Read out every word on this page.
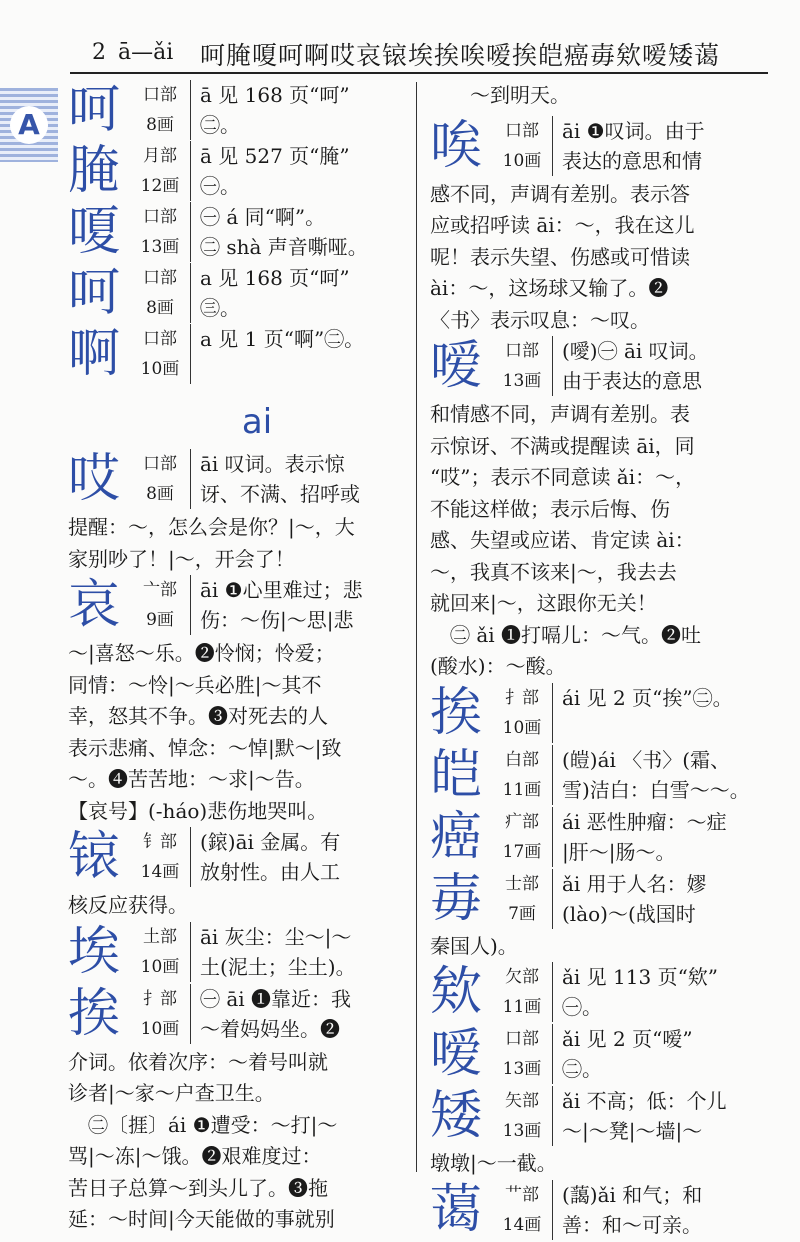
A
2 ā—ǎi 呵腌嗄呵啊哎哀锿埃挨唉嗳挨皑癌毐欸嗳矮蔼
呵	口部
8画
ā 见 168 页“呵”
㊁。
腌	月部
12画
ā 见 527 页“腌”
㊀。
嗄	口部
13画
㊀ á 同“啊”。
㊁ shà 声音嘶哑。
呵	口部
8画
a 见 168 页“呵”
㊂。
啊	口部
10画
a 见 1 页“啊”㊁。
ai
哎	口部
8画
āi 叹词。表示惊
讶、不满、招呼或
提醒：～，怎么会是你？|～，大
家别吵了！|～，开会了！
哀	亠部
9画
āi ❶心里难过；悲
伤：～伤|～思|悲
～|喜怒～乐。❷怜悯；怜爱；
同情：～怜|～兵必胜|～其不
幸，怒其不争。❸对死去的人
表示悲痛、悼念：～悼|默～|致
～。❹苦苦地：～求|～告。
【哀号】(-háo)悲伤地哭叫。
锿	钅部
14画
(鎄)āi 金属。有
放射性。由人工
核反应获得。
埃	土部
10画
āi 灰尘：尘～|～
土(泥土；尘土)。
挨	扌部
10画
㊀ āi ❶靠近：我
～着妈妈坐。❷
介词。依着次序：～着号叫就
诊者|～家～户查卫生。
　㊁〔捱〕ái ❶遭受：～打|～
骂|～冻|～饿。❷艰难度过：
苦日子总算～到头儿了。❸拖
延：～时间|今天能做的事就别
～到明天。
唉	口部
10画
āi ❶叹词。由于
表达的意思和情
感不同，声调有差别。表示答
应或招呼读 āi：～，我在这儿
呢！表示失望、伤感或可惜读
ài：～，这场球又输了。❷
〈书〉表示叹息：～叹。
嗳	口部
13画
(噯)㊀ āi 叹词。
由于表达的意思
和情感不同，声调有差别。表
示惊讶、不满或提醒读 āi，同
“哎”；表示不同意读 ǎi：～，
不能这样做；表示后悔、伤
感、失望或应诺、肯定读 ài：
～，我真不该来|～，我去去
就回来|～，这跟你无关！
　㊁ ǎi ❶打嗝儿：～气。❷吐
(酸水)：～酸。
挨	扌部
10画
ái 见 2 页“挨”㊁。
皑	白部
11画
(皚)ái 〈书〉(霜、
雪)洁白：白雪～～。
癌	疒部
17画
ái 恶性肿瘤：～症
|肝～|肠～。
毐	士部
7画
ǎi 用于人名：嫪
(lào)～(战国时
秦国人)。
欸	欠部
11画
ǎi 见 113 页“欸”
㊀。
嗳	口部
13画
ǎi 见 2 页“嗳”
㊁。
矮	矢部
13画
ǎi 不高；低：个儿
～|～凳|～墙|～
墩墩|～一截。
蔼	艹部
14画
(藹)ǎi 和气；和
善：和～可亲。
